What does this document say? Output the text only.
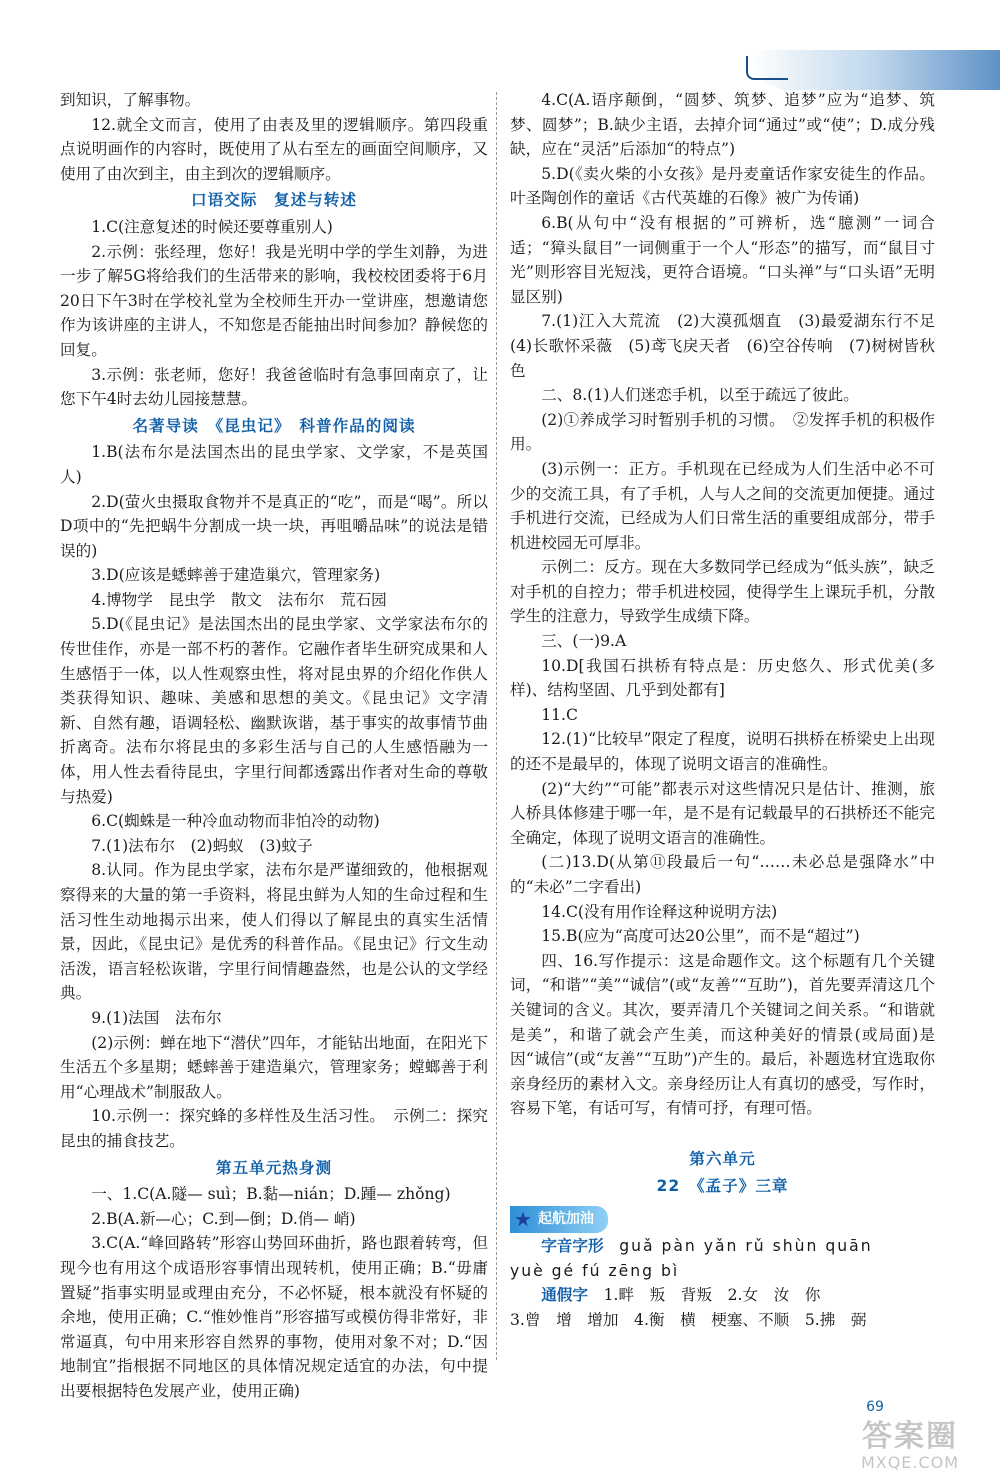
到知识，了解事物。

12.就全文而言，使用了由表及里的逻辑顺序。第四段重点说明画作的内容时，既使用了从右至左的画面空间顺序，又使用了由次到主，由主到次的逻辑顺序。

口语交际　复述与转述

1.C(注意复述的时候还要尊重别人)

2.示例：张经理，您好！我是光明中学的学生刘静，为进一步了解5G将给我们的生活带来的影响，我校校团委将于6月20日下午3时在学校礼堂为全校师生开办一堂讲座，想邀请您作为该讲座的主讲人，不知您是否能抽出时间参加？静候您的回复。

3.示例：张老师，您好！我爸爸临时有急事回南京了，让您下午4时去幼儿园接慧慧。

名著导读　《昆虫记》　科普作品的阅读

1.B(法布尔是法国杰出的昆虫学家、文学家，不是英国人)

2.D(萤火虫摄取食物并不是真正的“吃”，而是“喝”。所以D项中的“先把蜗牛分割成一块一块，再咀嚼品味”的说法是错误的)

3.D(应该是蟋蟀善于建造巢穴，管理家务)

4.博物学　昆虫学　散文　法布尔　荒石园

5.D(《昆虫记》是法国杰出的昆虫学家、文学家法布尔的传世佳作，亦是一部不朽的著作。它融作者毕生研究成果和人生感悟于一体，以人性观察虫性，将对昆虫界的介绍化作供人类获得知识、趣味、美感和思想的美文。《昆虫记》文字清新、自然有趣，语调轻松、幽默诙谐，基于事实的故事情节曲折离奇。法布尔将昆虫的多彩生活与自己的人生感悟融为一体，用人性去看待昆虫，字里行间都透露出作者对生命的尊敬与热爱)

6.C(蜘蛛是一种冷血动物而非怕冷的动物)

7.(1)法布尔　(2)蚂蚁　(3)蚊子

8.认同。作为昆虫学家，法布尔是严谨细致的，他根据观察得来的大量的第一手资料，将昆虫鲜为人知的生命过程和生活习性生动地揭示出来，使人们得以了解昆虫的真实生活情景，因此，《昆虫记》是优秀的科普作品。《昆虫记》行文生动活泼，语言轻松诙谐，字里行间情趣盎然，也是公认的文学经典。

9.(1)法国　法布尔

(2)示例：蝉在地下“潜伏”四年，才能钻出地面，在阳光下生活五个多星期；蟋蟀善于建造巢穴，管理家务；螳螂善于利用“心理战术”制服敌人。

10.示例一：探究蜂的多样性及生活习性。　示例二：探究昆虫的捕食技艺。

第五单元热身测

一、1.C(A.隧— suì；B.黏—nián；D.踵— zhǒng)

2.B(A.新—心；C.到—倒；D.俏— 峭)

3.C(A.“峰回路转”形容山势回环曲折，路也跟着转弯，但现今也有用这个成语形容事情出现转机，使用正确；B.“毋庸置疑”指事实明显或理由充分，不必怀疑，根本就没有怀疑的余地，使用正确；C.“惟妙惟肖”形容描写或模仿得非常好，非常逼真，句中用来形容自然界的事物，使用对象不对；D.“因地制宜”指根据不同地区的具体情况规定适宜的办法，句中提出要根据特色发展产业，使用正确)

4.C(A.语序颠倒，“圆梦、筑梦、追梦”应为“追梦、筑梦、圆梦”；B.缺少主语，去掉介词“通过”或“使”；D.成分残缺，应在“灵活”后添加“的特点”)

5.D(《卖火柴的小女孩》是丹麦童话作家安徒生的作品。叶圣陶创作的童话《古代英雄的石像》被广为传诵)

6.B(从句中“没有根据的”可辨析，选“臆测”一词合适；“獐头鼠目”一词侧重于一个人“形态”的描写，而“鼠目寸光”则形容目光短浅，更符合语境。“口头禅”与“口头语”无明显区别)

7.(1)江入大荒流　(2)大漠孤烟直　(3)最爱湖东行不足　(4)长歌怀采薇　(5)鸢飞戾天者　(6)空谷传响　(7)树树皆秋色

二、8.(1)人们迷恋手机，以至于疏远了彼此。

(2)①养成学习时暂别手机的习惯。　②发挥手机的积极作用。

(3)示例一：正方。手机现在已经成为人们生活中必不可少的交流工具，有了手机，人与人之间的交流更加便捷。通过手机进行交流，已经成为人们日常生活的重要组成部分，带手机进校园无可厚非。

示例二：反方。现在大多数同学已经成为“低头族”，缺乏对手机的自控力；带手机进校园，使得学生上课玩手机，分散学生的注意力，导致学生成绩下降。

三、(一)9.A

10.D[我国石拱桥有特点是：历史悠久、形式优美(多样)、结构坚固、几乎到处都有]

11.C

12.(1)“比较早”限定了程度，说明石拱桥在桥梁史上出现的还不是最早的，体现了说明文语言的准确性。

(2)“大约”“可能”都表示对这些情况只是估计、推测，旅人桥具体修建于哪一年，是不是有记载最早的石拱桥还不能完全确定，体现了说明文语言的准确性。

(二)13.D(从第⑪段最后一句“……未必总是强降水”中的“未必”二字看出)

14.C(没有用作诠释这种说明方法)

15.B(应为“高度可达20公里”，而不是“超过”)

四、16.写作提示：这是命题作文。这个标题有几个关键词，“和谐”“美”“诚信”(或“友善”“互助”)，首先要弄清这几个关键词的含义。其次，要弄清几个关键词之间关系。“和谐就是美”，和谐了就会产生美，而这种美好的情景(或局面)是因“诚信”(或“友善”“互助”)产生的。最后，补题选材宜选取你亲身经历的素材入文。亲身经历让人有真切的感受，写作时，容易下笔，有话可写，有情可抒，有理可悟。

第六单元
22　《孟子》三章
★ 起航加油

字音字形　 guǎ pàn yǎn rǔ shùn quān

yuè gé fú zēng bì

通假字　 1.畔　叛　背叛　2.女　汝　你

3.曾　增　增加　4.衡　横　梗塞、不顺　5.拂　弼

69
答案圈
MXQE.COM
